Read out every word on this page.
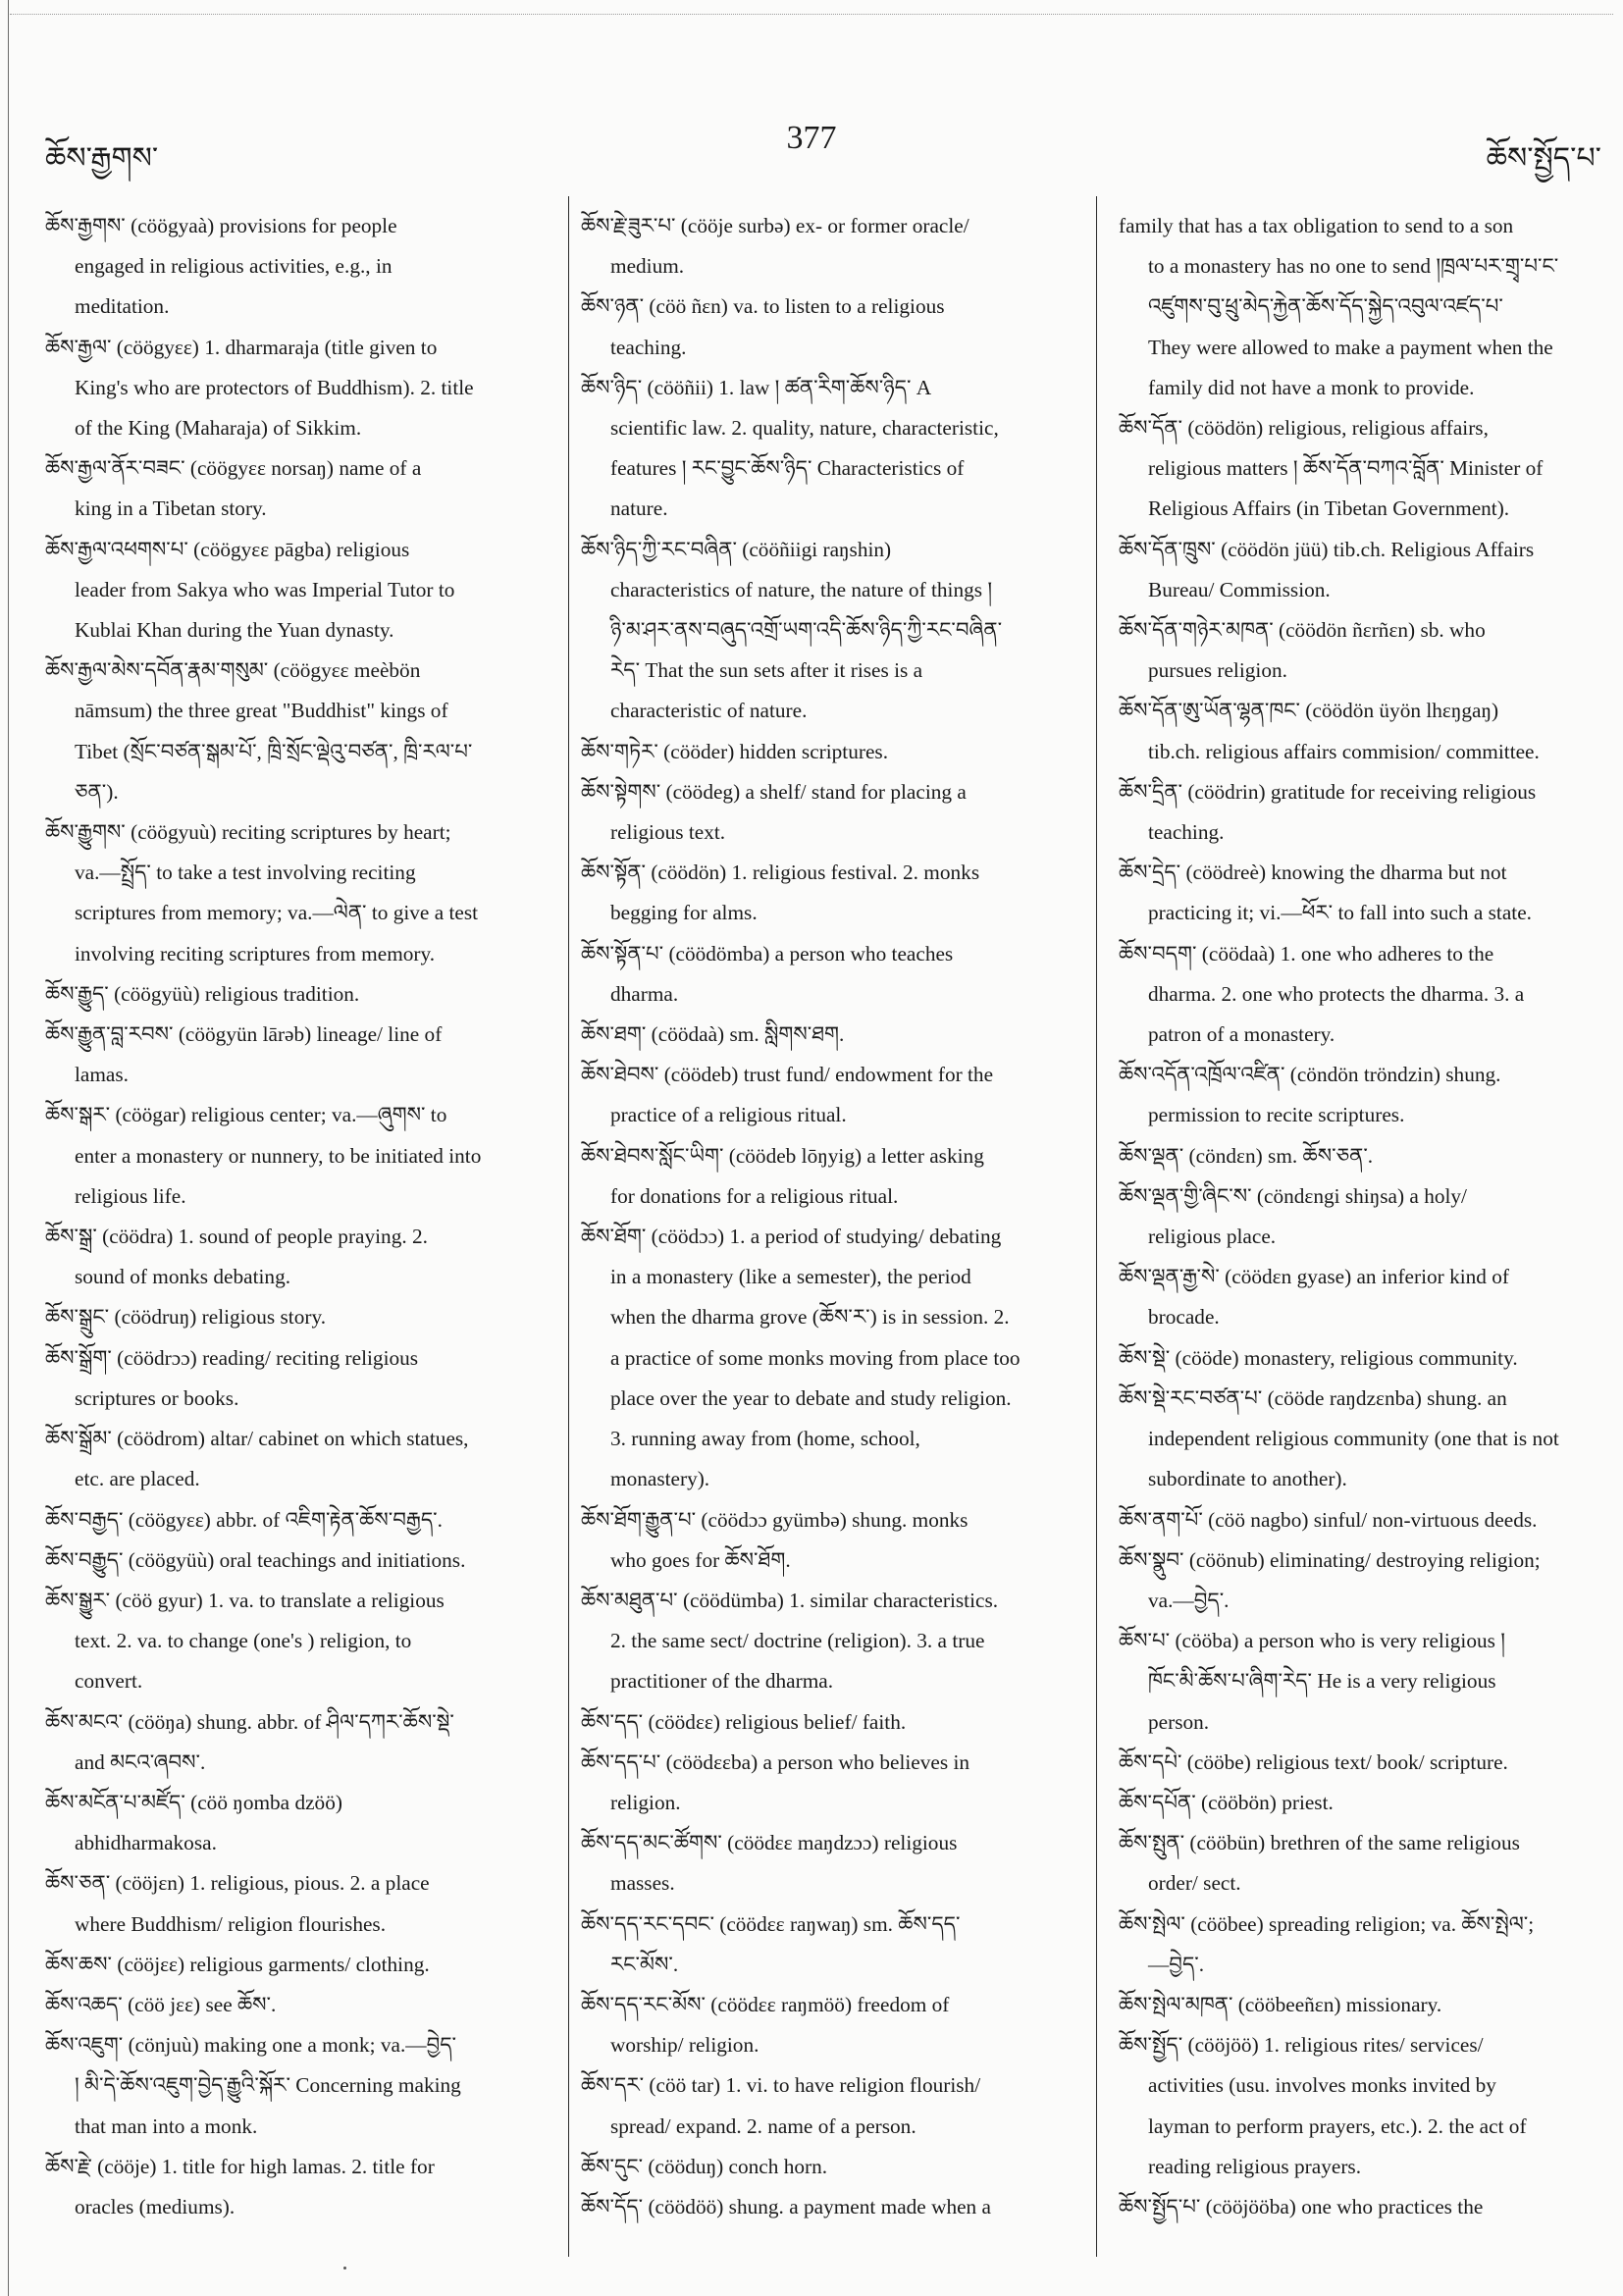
ཆོས་རྒྱགས་
377
ཆོས་སྤྱོད་པ་

ཆོས་རྒྱགས་ (cöögyaà) provisions for people
engaged in religious activities, e.g., in
meditation.

ཆོས་རྒྱལ་ (cöögyɛɛ) 1. dharmaraja (title given to
King's who are protectors of Buddhism). 2. title
of the King (Maharaja) of Sikkim.

ཆོས་རྒྱལ་ནོར་བཟང་ (cöögyɛɛ norsaŋ) name of a
king in a Tibetan story.

ཆོས་རྒྱལ་འཕགས་པ་ (cöögyɛɛ pāgba) religious
leader from Sakya who was Imperial Tutor to
Kublai Khan during the Yuan dynasty.

ཆོས་རྒྱལ་མེས་དབོན་རྣམ་གསུམ་ (cöögyɛɛ meèbön
nāmsum) the three great "Buddhist" kings of
Tibet (སྲོང་བཙན་སྒམ་པོ་, ཁྲི་སྲོང་ལྡེའུ་བཙན་, ཁྲི་རལ་པ་
ཅན་).

ཆོས་རྒྱུགས་ (cöögyuù) reciting scriptures by heart;
va.—སྤྲོད་ to take a test involving reciting
scriptures from memory; va.—ལེན་ to give a test
involving reciting scriptures from memory.

ཆོས་རྒྱུད་ (cöögyüù) religious tradition.

ཆོས་རྒྱུན་བླ་རབས་ (cöögyün lārəb) lineage/ line of
lamas.

ཆོས་སྒར་ (cöögar) religious center; va.—ཞུགས་ to
enter a monastery or nunnery, to be initiated into
religious life.

ཆོས་སྒྲ་ (cöödra) 1. sound of people praying. 2.
sound of monks debating.

ཆོས་སྒྲུང་ (cöödruŋ) religious story.

ཆོས་སྒྲོག་ (cöödrɔɔ) reading/ reciting religious
scriptures or books.

ཆོས་སྒྲོམ་ (cöödrom) altar/ cabinet on which statues,
etc. are placed.

ཆོས་བརྒྱད་ (cöögyɛɛ) abbr. of འཇིག་རྟེན་ཆོས་བརྒྱད་.

ཆོས་བརྒྱུད་ (cöögyüù) oral teachings and initiations.

ཆོས་སྒྱུར་ (cöö gyur) 1. va. to translate a religious
text. 2. va. to change (one's ) religion, to
convert.

ཆོས་མངའ་ (cööŋa) shung. abbr. of ཤིལ་དཀར་ཆོས་སྡེ་
and མངའ་ཞབས་.

ཆོས་མངོན་པ་མཛོད་ (cöö ŋomba dzöö)
abhidharmakosa.

ཆོས་ཅན་ (cööjɛn) 1. religious, pious. 2. a place
where Buddhism/ religion flourishes.

ཆོས་ཆས་ (cööjɛɛ) religious garments/ clothing.

ཆོས་འཆད་ (cöö jɛɛ) see ཆོས་.

ཆོས་འཇུག་ (cönjuù) making one a monk; va.—བྱེད་
། མི་དེ་ཆོས་འཇུག་བྱེད་རྒྱུའི་སྐོར་ Concerning making
that man into a monk.

ཆོས་རྗེ་ (cööje) 1. title for high lamas. 2. title for
oracles (mediums).

ཆོས་རྗེ་ཟུར་པ་ (cööje surbə) ex- or former oracle/
medium.

ཆོས་ཉན་ (cöö ñɛn) va. to listen to a religious
teaching.

ཆོས་ཉིད་ (cööñii) 1. law ། ཚན་རིག་ཆོས་ཉིད་ A
scientific law. 2. quality, nature, characteristic,
features ། རང་བྱུང་ཆོས་ཉིད་ Characteristics of
nature.

ཆོས་ཉིད་ཀྱི་རང་བཞིན་ (cööñiigi raŋshin)
characteristics of nature, the nature of things །
ཉི་མ་ཤར་ནས་བཞུད་འགྲོ་ཡག་འདི་ཆོས་ཉིད་ཀྱི་རང་བཞིན་
རེད་ That the sun sets after it rises is a
characteristic of nature.

ཆོས་གཏེར་ (cööder) hidden scriptures.

ཆོས་སྟེགས་ (cöödeg) a shelf/ stand for placing a
religious text.

ཆོས་སྟོན་ (cöödön) 1. religious festival. 2. monks
begging for alms.

ཆོས་སྟོན་པ་ (cöödömba) a person who teaches
dharma.

ཆོས་ཐག་ (cöödaà) sm. སླིགས་ཐག.

ཆོས་ཐེབས་ (cöödeb) trust fund/ endowment for the
practice of a religious ritual.

ཆོས་ཐེབས་སློང་ཡིག་ (cöödeb lōŋyig) a letter asking
for donations for a religious ritual.

ཆོས་ཐོག་ (cöödɔɔ) 1. a period of studying/ debating
in a monastery (like a semester), the period
when the dharma grove (ཆོས་ར་) is in session. 2.
a practice of some monks moving from place too
place over the year to debate and study religion.
3. running away from (home, school,
monastery).

ཆོས་ཐོག་རྒྱུན་པ་ (cöödɔɔ gyümbə) shung. monks
who goes for ཆོས་ཐོག.

ཆོས་མཐུན་པ་ (cöödümba) 1. similar characteristics.
2. the same sect/ doctrine (religion). 3. a true
practitioner of the dharma.

ཆོས་དད་ (cöödɛɛ) religious belief/ faith.

ཆོས་དད་པ་ (cöödɛɛba) a person who believes in
religion.

ཆོས་དད་མང་ཚོགས་ (cöödɛɛ maŋdzɔɔ) religious
masses.

ཆོས་དད་རང་དབང་ (cöödɛɛ raŋwaŋ) sm. ཆོས་དད་
རང་མོས་.

ཆོས་དད་རང་མོས་ (cöödɛɛ raŋmöö) freedom of
worship/ religion.

ཆོས་དར་ (cöö tar) 1. vi. to have religion flourish/
spread/ expand. 2. name of a person.

ཆོས་དུང་ (cööduŋ) conch horn.

ཆོས་དོད་ (cöödöö) shung. a payment made when a

family that has a tax obligation to send to a son
to a monastery has no one to send །ཁྲལ་པར་གྲྭ་པ་ང་
འཛུགས་བུ་ཕྲུ་མེད་རྐྱེན་ཆོས་དོད་སྐྱེད་འབུལ་འཛད་པ་
They were allowed to make a payment when the
family did not have a monk to provide.

ཆོས་དོན་ (cöödön) religious, religious affairs,
religious matters ། ཆོས་དོན་བཀའ་བློན་ Minister of
Religious Affairs (in Tibetan Government).

ཆོས་དོན་ཁྲུས་ (cöödön jüü) tib.ch. Religious Affairs
Bureau/ Commission.

ཆོས་དོན་གཉེར་མཁན་ (cöödön ñɛrñɛn) sb. who
pursues religion.

ཆོས་དོན་ཨུ་ཡོན་ལྷན་ཁང་ (cöödön üyön lhɛŋgaŋ)
tib.ch. religious affairs commision/ committee.

ཆོས་དྲིན་ (cöödrin) gratitude for receiving religious
teaching.

ཆོས་དྲེད་ (cöödreè) knowing the dharma but not
practicing it; vi.—ཕོར་ to fall into such a state.

ཆོས་བདག་ (cöödaà) 1. one who adheres to the
dharma. 2. one who protects the dharma. 3. a
patron of a monastery.

ཆོས་འདོན་འཁྲོལ་འཛིན་ (cöndön tröndzin) shung.
permission to recite scriptures.

ཆོས་ལྡན་ (cöndɛn) sm. ཆོས་ཅན་.

ཆོས་ལྡན་གྱི་ཞིང་ས་ (cöndɛngi shiŋsa) a holy/
religious place.

ཆོས་ལྡན་རྒྱ་སེ་ (cöödɛn gyase) an inferior kind of
brocade.

ཆོས་སྡེ་ (cööde) monastery, religious community.

ཆོས་སྡེ་རང་བཙན་པ་ (cööde raŋdzɛnba) shung. an
independent religious community (one that is not
subordinate to another).

ཆོས་ནག་པོ་ (cöö nagbo) sinful/ non-virtuous deeds.

ཆོས་སྣུབ་ (cöönub) eliminating/ destroying religion;
va.—བྱེད་.

ཆོས་པ་ (cööba) a person who is very religious །
ཁོང་མི་ཆོས་པ་ཞིག་རེད་ He is a very religious
person.

ཆོས་དཔེ་ (cööbe) religious text/ book/ scripture.

ཆོས་དཔོན་ (cööbön) priest.

ཆོས་སྤུན་ (cööbün) brethren of the same religious
order/ sect.

ཆོས་སྤེལ་ (cööbee) spreading religion; va. ཆོས་སྤེལ་;
—བྱེད་.

ཆོས་སྤེལ་མཁན་ (cööbeeñɛn) missionary.

ཆོས་སྤྱོད་ (cööjöö) 1. religious rites/ services/
activities (usu. involves monks invited by
layman to perform prayers, etc.). 2. the act of
reading religious prayers.

ཆོས་སྤྱོད་པ་ (cööjööba) one who practices the
